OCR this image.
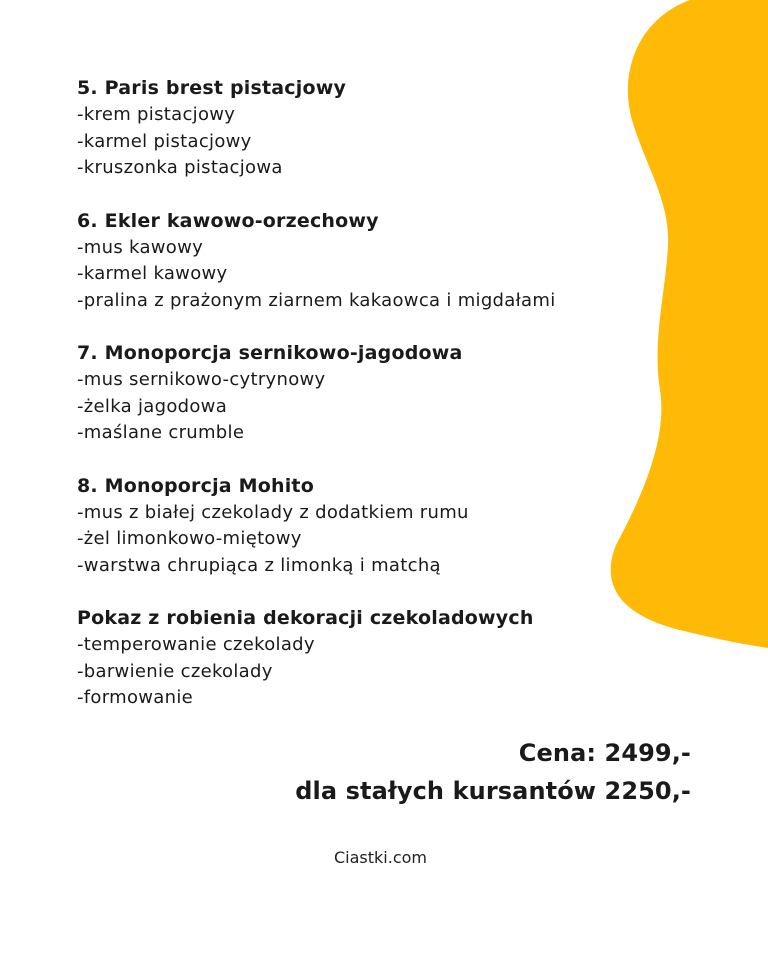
5. Paris brest pistacjowy
-krem pistacjowy
-karmel pistacjowy
-kruszonka pistacjowa
6. Ekler kawowo-orzechowy
-mus kawowy
-karmel kawowy
-pralina z prażonym ziarnem kakaowca i migdałami
7. Monoporcja sernikowo-jagodowa
-mus sernikowo-cytrynowy
-żelka jagodowa
-maślane crumble
8. Monoporcja Mohito
-mus z białej czekolady z dodatkiem rumu
-żel limonkowo-miętowy
-warstwa chrupiąca z limonką i matchą
Pokaz z robienia dekoracji czekoladowych
-temperowanie czekolady
-barwienie czekolady
-formowanie
Cena: 2499,-
dla stałych kursantów 2250,-
Ciastki.com
